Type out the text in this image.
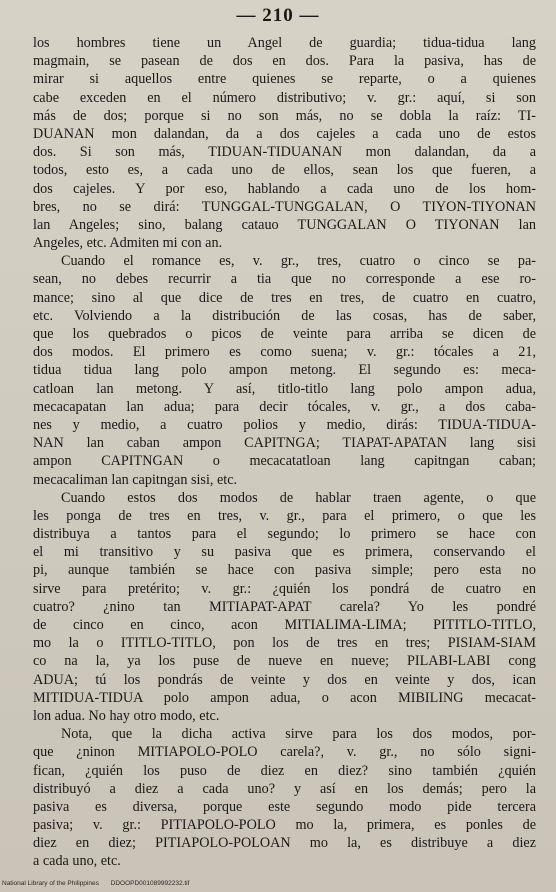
— 210 —
los hombres tiene un Angel de guardia; tidua-tidua lang
magmain, se pasean de dos en dos. Para la pasiva, has de
mirar si aquellos entre quienes se reparte, o a quienes
cabe exceden en el número distributivo; v. gr.: aquí, si son
más de dos; porque si no son más, no se dobla la raíz: TI-
DUANAN mon dalandan, da a dos cajeles a cada uno de estos
dos. Si son más, TIDUAN-TIDUANAN mon dalandan, da a
todos, esto es, a cada uno de ellos, sean los que fueren, a
dos cajeles. Y por eso, hablando a cada uno de los hom-
bres, no se dirá: TUNGGAL-TUNGGALAN, O TIYON-TIYONAN
lan Angeles; sino, balang catauo TUNGGALAN O TIYONAN lan
Angeles, etc. Admiten mi con an.
Cuando el romance es, v. gr., tres, cuatro o cinco se pa-
sean, no debes recurrir a tia que no corresponde a ese ro-
mance; sino al que dice de tres en tres, de cuatro en cuatro,
etc. Volviendo a la distribución de las cosas, has de saber,
que los quebrados o picos de veinte para arriba se dicen de
dos modos. El primero es como suena; v. gr.: tócales a 21,
tidua tidua lang polo ampon metong. El segundo es: meca-
catloan lan metong. Y así, titlo-titlo lang polo ampon adua,
mecacapatan lan adua; para decir tócales, v. gr., a dos caba-
nes y medio, a cuatro polios y medio, dirás: TIDUA-TIDUA-
NAN lan caban ampon CAPITNGA; TIAPAT-APATAN lang sisi
ampon CAPITNGAN o mecacatatloan lang capitngan caban;
mecacaliman lan capitngan sisi, etc.
Cuando estos dos modos de hablar traen agente, o que
les ponga de tres en tres, v. gr., para el primero, o que les
distribuya a tantos para el segundo; lo primero se hace con
el mi transitivo y su pasiva que es primera, conservando el
pi, aunque también se hace con pasiva simple; pero esta no
sirve para pretérito; v. gr.: ¿quién los pondrá de cuatro en
cuatro? ¿nino tan MITIAPAT-APAT carela? Yo les pondré
de cinco en cinco, acon MITIALIMA-LIMA; PITITLO-TITLO,
mo la o ITITLO-TITLO, pon los de tres en tres; PISIAM-SIAM
co na la, ya los puse de nueve en nueve; PILABI-LABI cong
ADUA; tú los pondrás de veinte y dos en veinte y dos, ican
MITIDUA-TIDUA polo ampon adua, o acon MIBILING mecacat-
lon adua. No hay otro modo, etc.
Nota, que la dicha activa sirve para los dos modos, por-
que ¿ninon MITIAPOLO-POLO carela?, v. gr., no sólo signi-
fican, ¿quién los puso de diez en diez? sino también ¿quién
distribuyó a diez a cada uno? y así en los demás; pero la
pasiva es diversa, porque este segundo modo pide tercera
pasiva; v. gr.: PITIAPOLO-POLO mo la, primera, es ponles de
diez en diez; PITIAPOLO-POLOAN mo la, es distribuye a diez
a cada uno, etc.
National Library of the Philippines DDOOPD001089992232.tif
